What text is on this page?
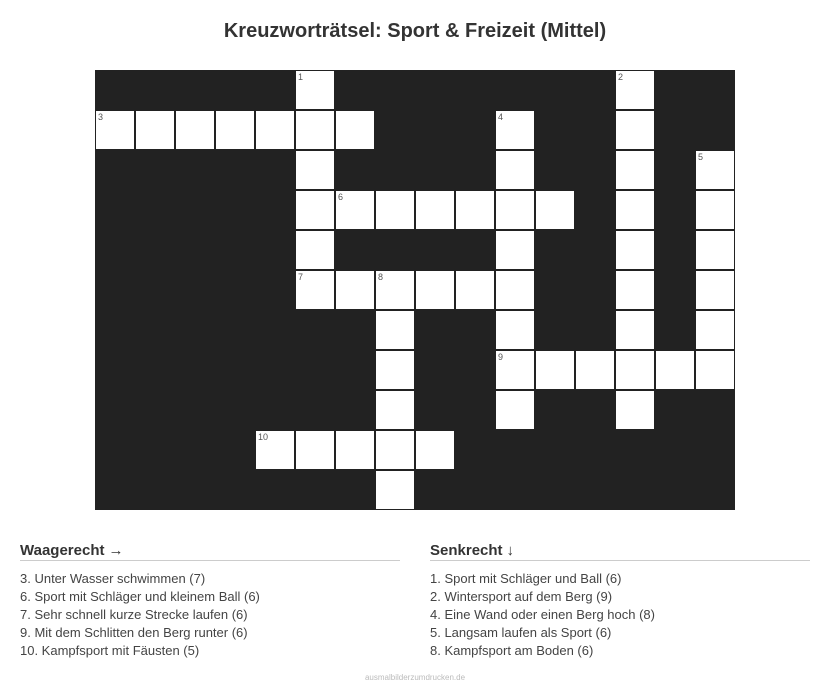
Kreuzworträtsel: Sport & Freizeit (Mittel)
1	2
3	4
5
6
7	8
9
10
Waagerecht →
3. Unter Wasser schwimmen (7)
6. Sport mit Schläger und kleinem Ball (6)
7. Sehr schnell kurze Strecke laufen (6)
9. Mit dem Schlitten den Berg runter (6)
10. Kampfsport mit Fäusten (5)
Senkrecht ↓
1. Sport mit Schläger und Ball (6)
2. Wintersport auf dem Berg (9)
4. Eine Wand oder einen Berg hoch (8)
5. Langsam laufen als Sport (6)
8. Kampfsport am Boden (6)
ausmalbilderzumdrucken.de
